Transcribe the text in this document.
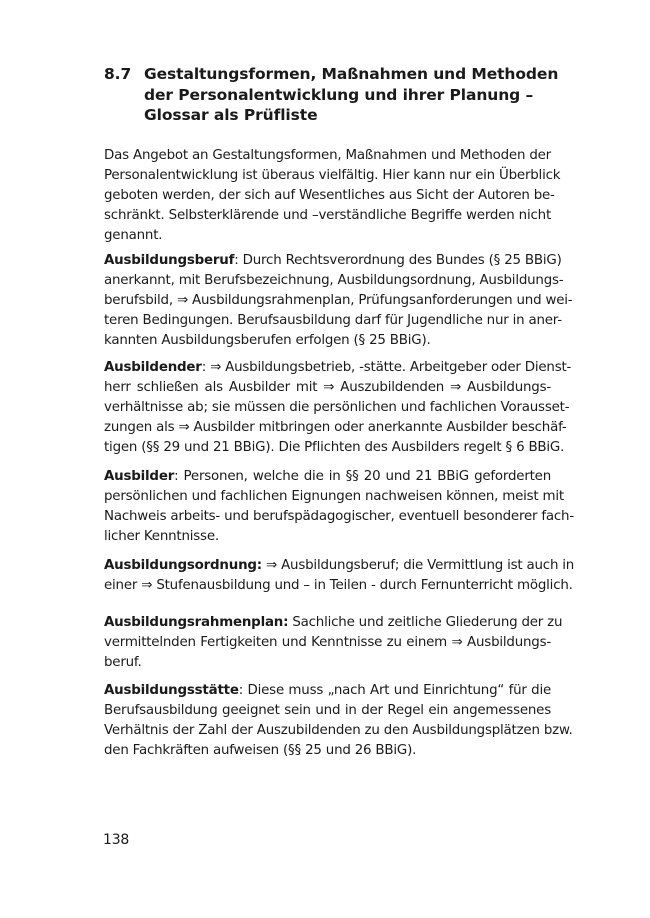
8.7 Gestaltungsformen, Maßnahmen und Methoden
der Personalentwicklung und ihrer Planung –
Glossar als Prüfliste
Das Angebot an Gestaltungsformen, Maßnahmen und Methoden der
Personalentwicklung ist überaus vielfältig. Hier kann nur ein Überblick
geboten werden, der sich auf Wesentliches aus Sicht der Autoren be-
schränkt. Selbsterklärende und –verständliche Begriffe werden nicht
genannt.
Ausbildungsberuf: Durch Rechtsverordnung des Bundes (§ 25 BBiG)
anerkannt, mit Berufsbezeichnung, Ausbildungsordnung, Ausbildungs-
berufsbild, ⇒ Ausbildungsrahmenplan, Prüfungsanforderungen und wei-
teren Bedingungen. Berufsausbildung darf für Jugendliche nur in aner-
kannten Ausbildungsberufen erfolgen (§ 25 BBiG).
Ausbildender: ⇒ Ausbildungsbetrieb, -stätte. Arbeitgeber oder Dienst-
herr schließen als Ausbilder mit ⇒ Auszubildenden ⇒ Ausbildungs-
verhältnisse ab; sie müssen die persönlichen und fachlichen Vorausset-
zungen als ⇒ Ausbilder mitbringen oder anerkannte Ausbilder beschäf-
tigen (§§ 29 und 21 BBiG). Die Pflichten des Ausbilders regelt § 6 BBiG.
Ausbilder: Personen, welche die in §§ 20 und 21 BBiG geforderten
persönlichen und fachlichen Eignungen nachweisen können, meist mit
Nachweis arbeits- und berufspädagogischer, eventuell besonderer fach-
licher Kenntnisse.
Ausbildungsordnung: ⇒ Ausbildungsberuf; die Vermittlung ist auch in
einer ⇒ Stufenausbildung und – in Teilen - durch Fernunterricht möglich.
Ausbildungsrahmenplan: Sachliche und zeitliche Gliederung der zu
vermittelnden Fertigkeiten und Kenntnisse zu einem ⇒ Ausbildungs-
beruf.
Ausbildungsstätte: Diese muss „nach Art und Einrichtung“ für die
Berufsausbildung geeignet sein und in der Regel ein angemessenes
Verhältnis der Zahl der Auszubildenden zu den Ausbildungsplätzen bzw.
den Fachkräften aufweisen (§§ 25 und 26 BBiG).
138
